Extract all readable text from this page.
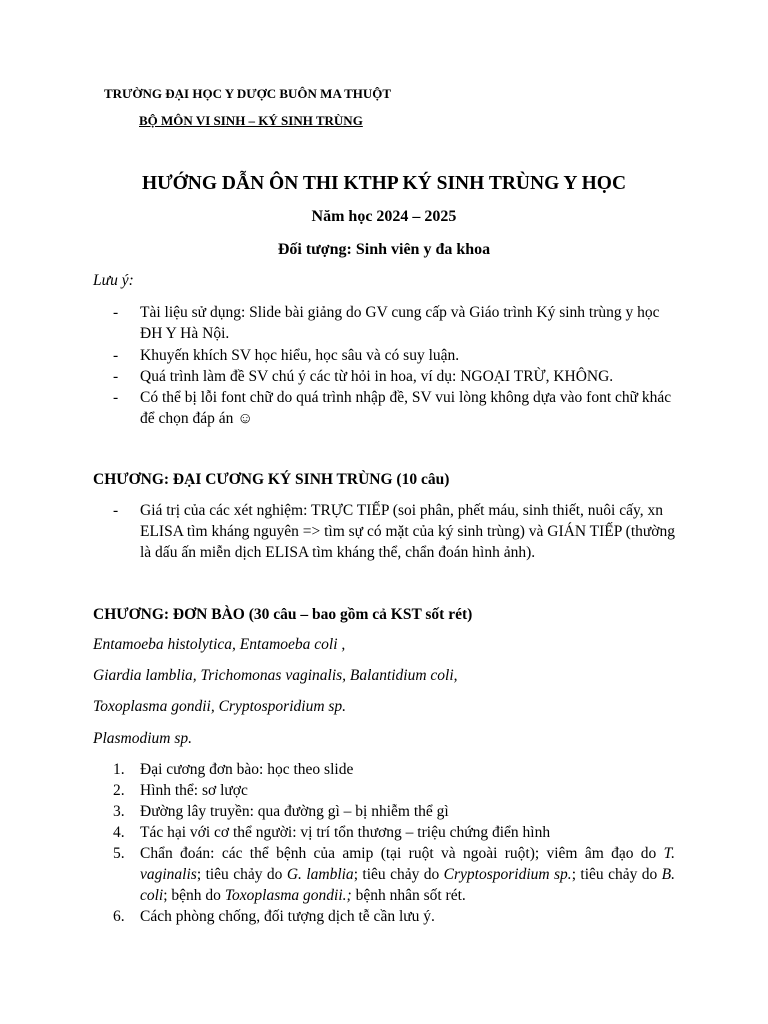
TRƯỜNG ĐẠI HỌC Y DƯỢC BUÔN MA THUỘT
BỘ MÔN VI SINH – KÝ SINH TRÙNG
HƯỚNG DẪN ÔN THI KTHP KÝ SINH TRÙNG Y HỌC
Năm học 2024 – 2025
Đối tượng: Sinh viên y đa khoa
Lưu ý:
- Tài liệu sử dụng: Slide bài giảng do GV cung cấp và Giáo trình Ký sinh trùng y học ĐH Y Hà Nội.
- Khuyến khích SV học hiểu, học sâu và có suy luận.
- Quá trình làm đề SV chú ý các từ hỏi in hoa, ví dụ: NGOẠI TRỪ, KHÔNG.
- Có thể bị lỗi font chữ do quá trình nhập đề, SV vui lòng không dựa vào font chữ khác để chọn đáp án ☺
CHƯƠNG: ĐẠI CƯƠNG KÝ SINH TRÙNG (10 câu)
- Giá trị của các xét nghiệm: TRỰC TIẾP (soi phân, phết máu, sinh thiết, nuôi cấy, xn ELISA tìm kháng nguyên => tìm sự có mặt của ký sinh trùng) và GIÁN TIẾP (thường là dấu ấn miễn dịch ELISA tìm kháng thể, chẩn đoán hình ảnh).
CHƯƠNG: ĐƠN BÀO (30 câu – bao gồm cả KST sốt rét)
Entamoeba histolytica, Entamoeba coli ,
Giardia lamblia, Trichomonas vaginalis, Balantidium coli,
Toxoplasma gondii, Cryptosporidium sp.
Plasmodium sp.
1. Đại cương đơn bào: học theo slide
2. Hình thể: sơ lược
3. Đường lây truyền: qua đường gì – bị nhiễm thể gì
4. Tác hại với cơ thể người: vị trí tổn thương – triệu chứng điển hình
5. Chẩn đoán: các thể bệnh của amip (tại ruột và ngoài ruột); viêm âm đạo do T. vaginalis; tiêu chảy do G. lamblia; tiêu chảy do Cryptosporidium sp.; tiêu chảy do B. coli; bệnh do Toxoplasma gondii.; bệnh nhân sốt rét.
6. Cách phòng chống, đối tượng dịch tễ cần lưu ý.
